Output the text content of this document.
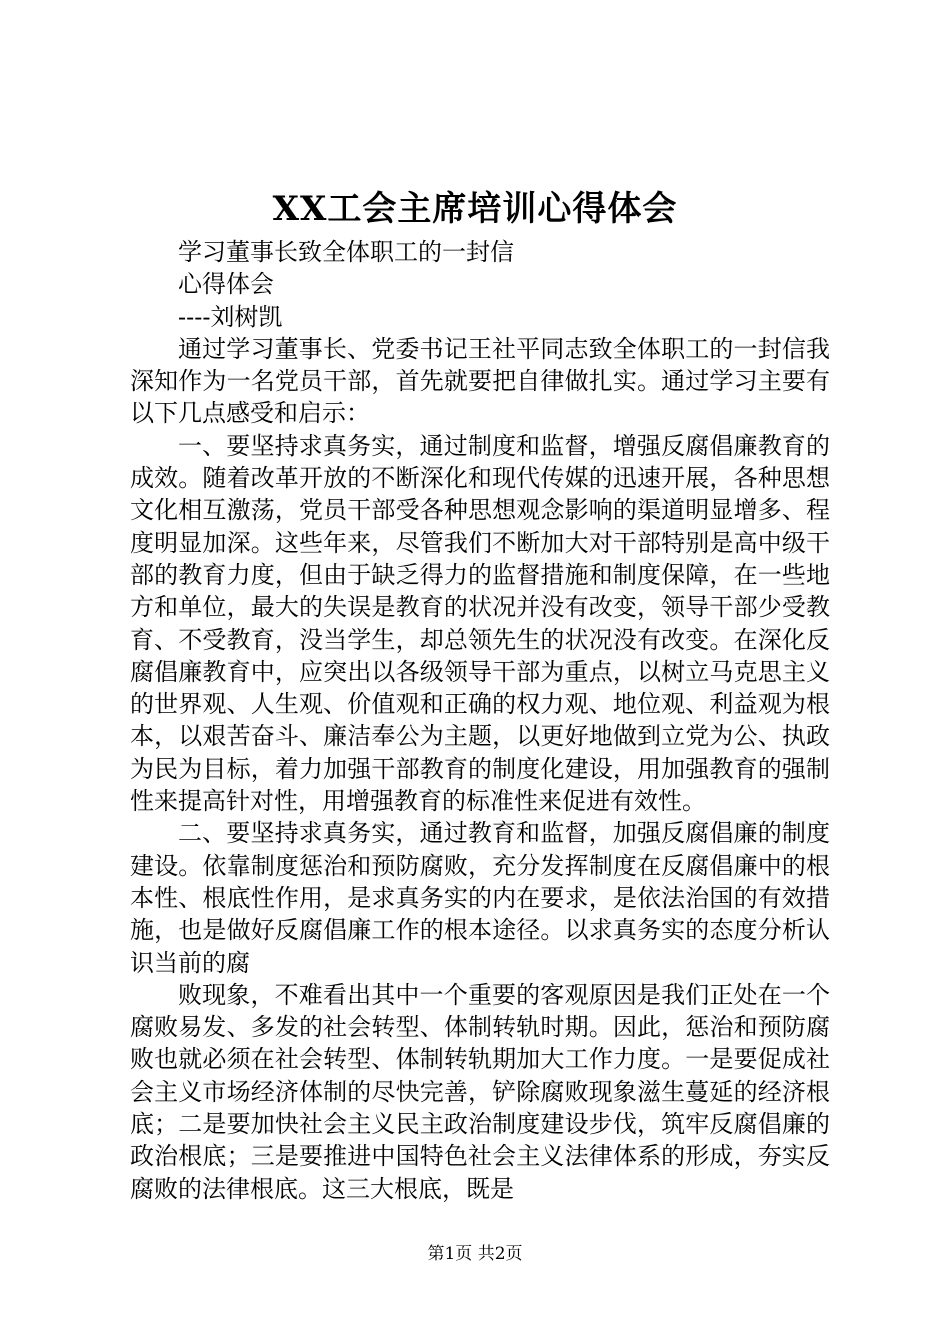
XX工会主席培训心得体会

学习董事长致全体职工的一封信

心得体会

----刘树凯

通过学习董事长、党委书记王社平同志致全体职工的一封信我深知作为一名党员干部，首先就要把自律做扎实。通过学习主要有以下几点感受和启示：

一、要坚持求真务实，通过制度和监督，增强反腐倡廉教育的成效。随着改革开放的不断深化和现代传媒的迅速开展，各种思想文化相互激荡，党员干部受各种思想观念影响的渠道明显增多、程度明显加深。这些年来，尽管我们不断加大对干部特别是高中级干部的教育力度，但由于缺乏得力的监督措施和制度保障，在一些地方和单位，最大的失误是教育的状况并没有改变，领导干部少受教育、不受教育，没当学生，却总领先生的状况没有改变。在深化反腐倡廉教育中，应突出以各级领导干部为重点，以树立马克思主义的世界观、人生观、价值观和正确的权力观、地位观、利益观为根本，以艰苦奋斗、廉洁奉公为主题，以更好地做到立党为公、执政为民为目标，着力加强干部教育的制度化建设，用加强教育的强制性来提高针对性，用增强教育的标准性来促进有效性。

二、要坚持求真务实，通过教育和监督，加强反腐倡廉的制度建设。依靠制度惩治和预防腐败，充分发挥制度在反腐倡廉中的根本性、根底性作用，是求真务实的内在要求，是依法治国的有效措施，也是做好反腐倡廉工作的根本途径。以求真务实的态度分析认识当前的腐

败现象，不难看出其中一个重要的客观原因是我们正处在一个腐败易发、多发的社会转型、体制转轨时期。因此，惩治和预防腐败也就必须在社会转型、体制转轨期加大工作力度。一是要促成社会主义市场经济体制的尽快完善，铲除腐败现象滋生蔓延的经济根底；二是要加快社会主义民主政治制度建设步伐，筑牢反腐倡廉的政治根底；三是要推进中国特色社会主义法律体系的形成，夯实反腐败的法律根底。这三大根底，既是

第1页 共2页
